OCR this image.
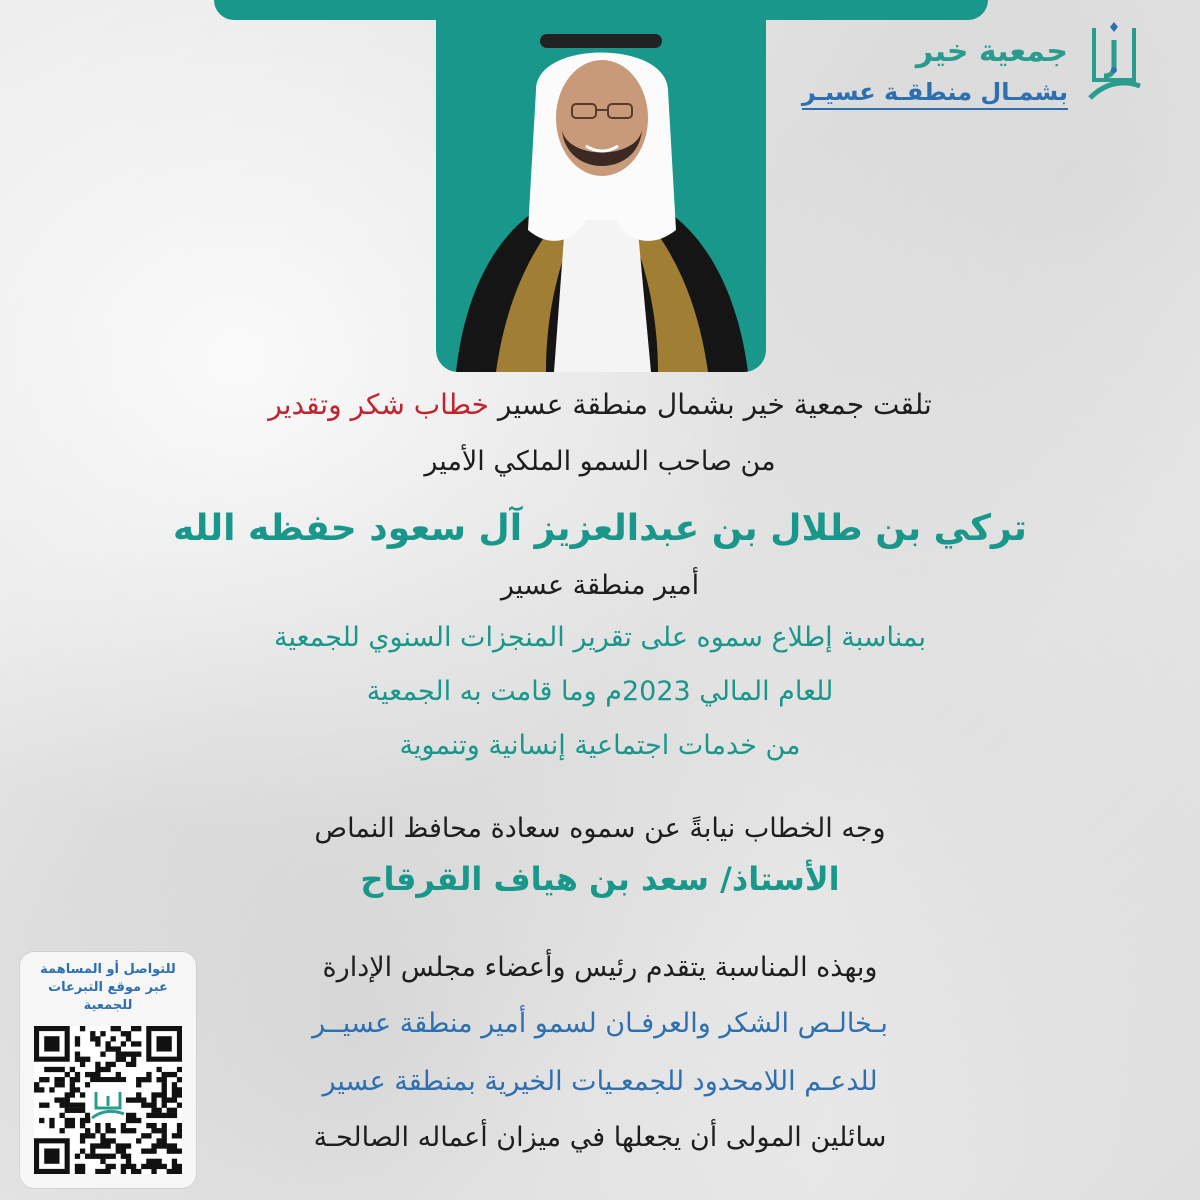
جمعية خير
بشمـال منطقـة عسيـر
تلقت جمعية خير بشمال منطقة عسير خطاب شكر وتقدير
من صاحب السمو الملكي الأمير
تركي بن طلال بن عبدالعزيز آل سعود حفظه الله
أمير منطقة عسير
بمناسبة إطلاع سموه على تقرير المنجزات السنوي للجمعية
للعام المالي 2023م وما قامت به الجمعية
من خدمات اجتماعية إنسانية وتنموية
وجه الخطاب نيابةً عن سموه سعادة محافظ النماص
الأستاذ/ سعد بن هياف القرقاح
وبهذه المناسبة يتقدم رئيس وأعضاء مجلس الإدارة
بـخالـص الشكر والعرفـان لسمو أمير منطقة عسيــر
للدعـم اللامحدود للجمعـيات الخيرية بمنطقة عسير
سائلين المولى أن يجعلها في ميزان أعماله الصالحـة
للتواصل أو المساهمة
عبر موقع التبرعات
للجمعية
